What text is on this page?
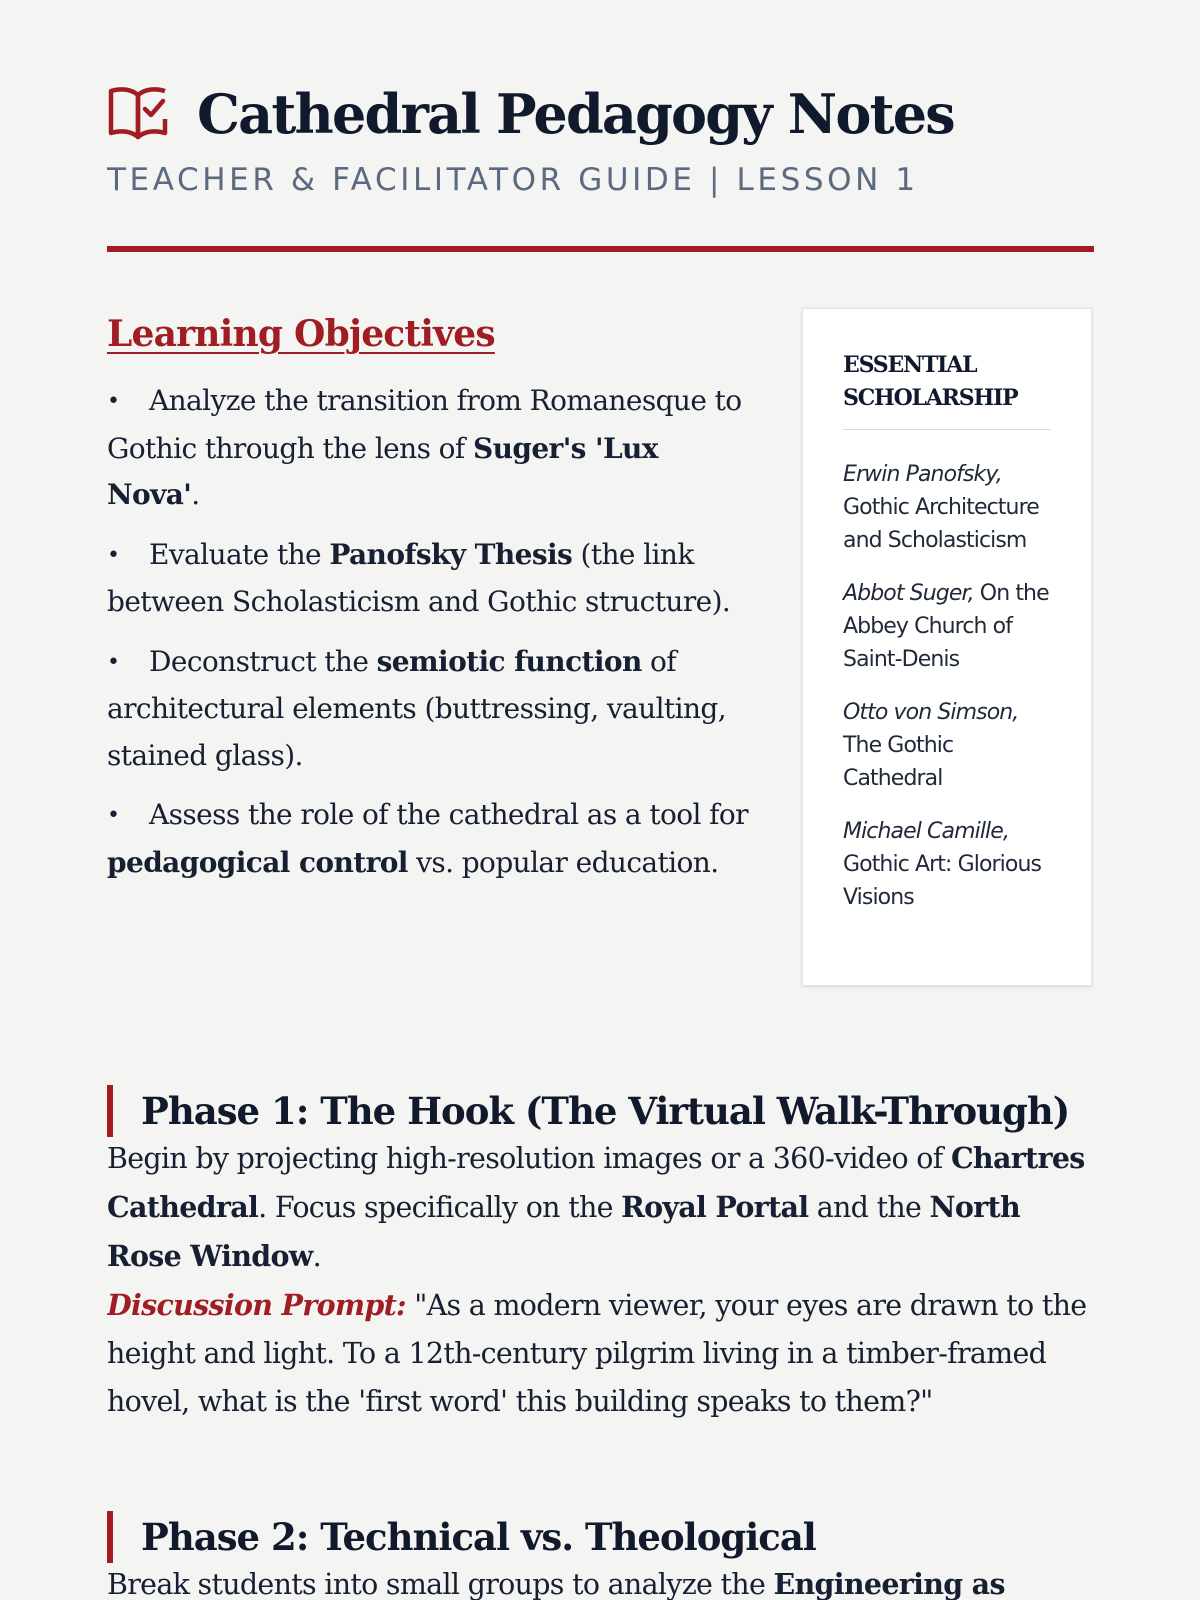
Cathedral Pedagogy Notes
TEACHER & FACILITATOR GUIDE | LESSON 1
Learning Objectives
• Analyze the transition from Romanesque to Gothic through the lens of Suger's 'Lux Nova'.
• Evaluate the Panofsky Thesis (the link between Scholasticism and Gothic structure).
• Deconstruct the semiotic function of architectural elements (buttressing, vaulting, stained glass).
• Assess the role of the cathedral as a tool for pedagogical control vs. popular education.
ESSENTIAL SCHOLARSHIP
Erwin Panofsky, Gothic Architecture and Scholasticism
Abbot Suger, On the Abbey Church of Saint-Denis
Otto von Simson, The Gothic Cathedral
Michael Camille, Gothic Art: Glorious Visions
Phase 1: The Hook (The Virtual Walk-Through)

Begin by projecting high-resolution images or a 360-video of Chartres Cathedral. Focus specifically on the Royal Portal and the North Rose Window.
Discussion Prompt: "As a modern viewer, your eyes are drawn to the height and light. To a 12th-century pilgrim living in a timber-framed hovel, what is the 'first word' this building speaks to them?"

Phase 2: Technical vs. Theological

Break students into small groups to analyze the Engineering as
